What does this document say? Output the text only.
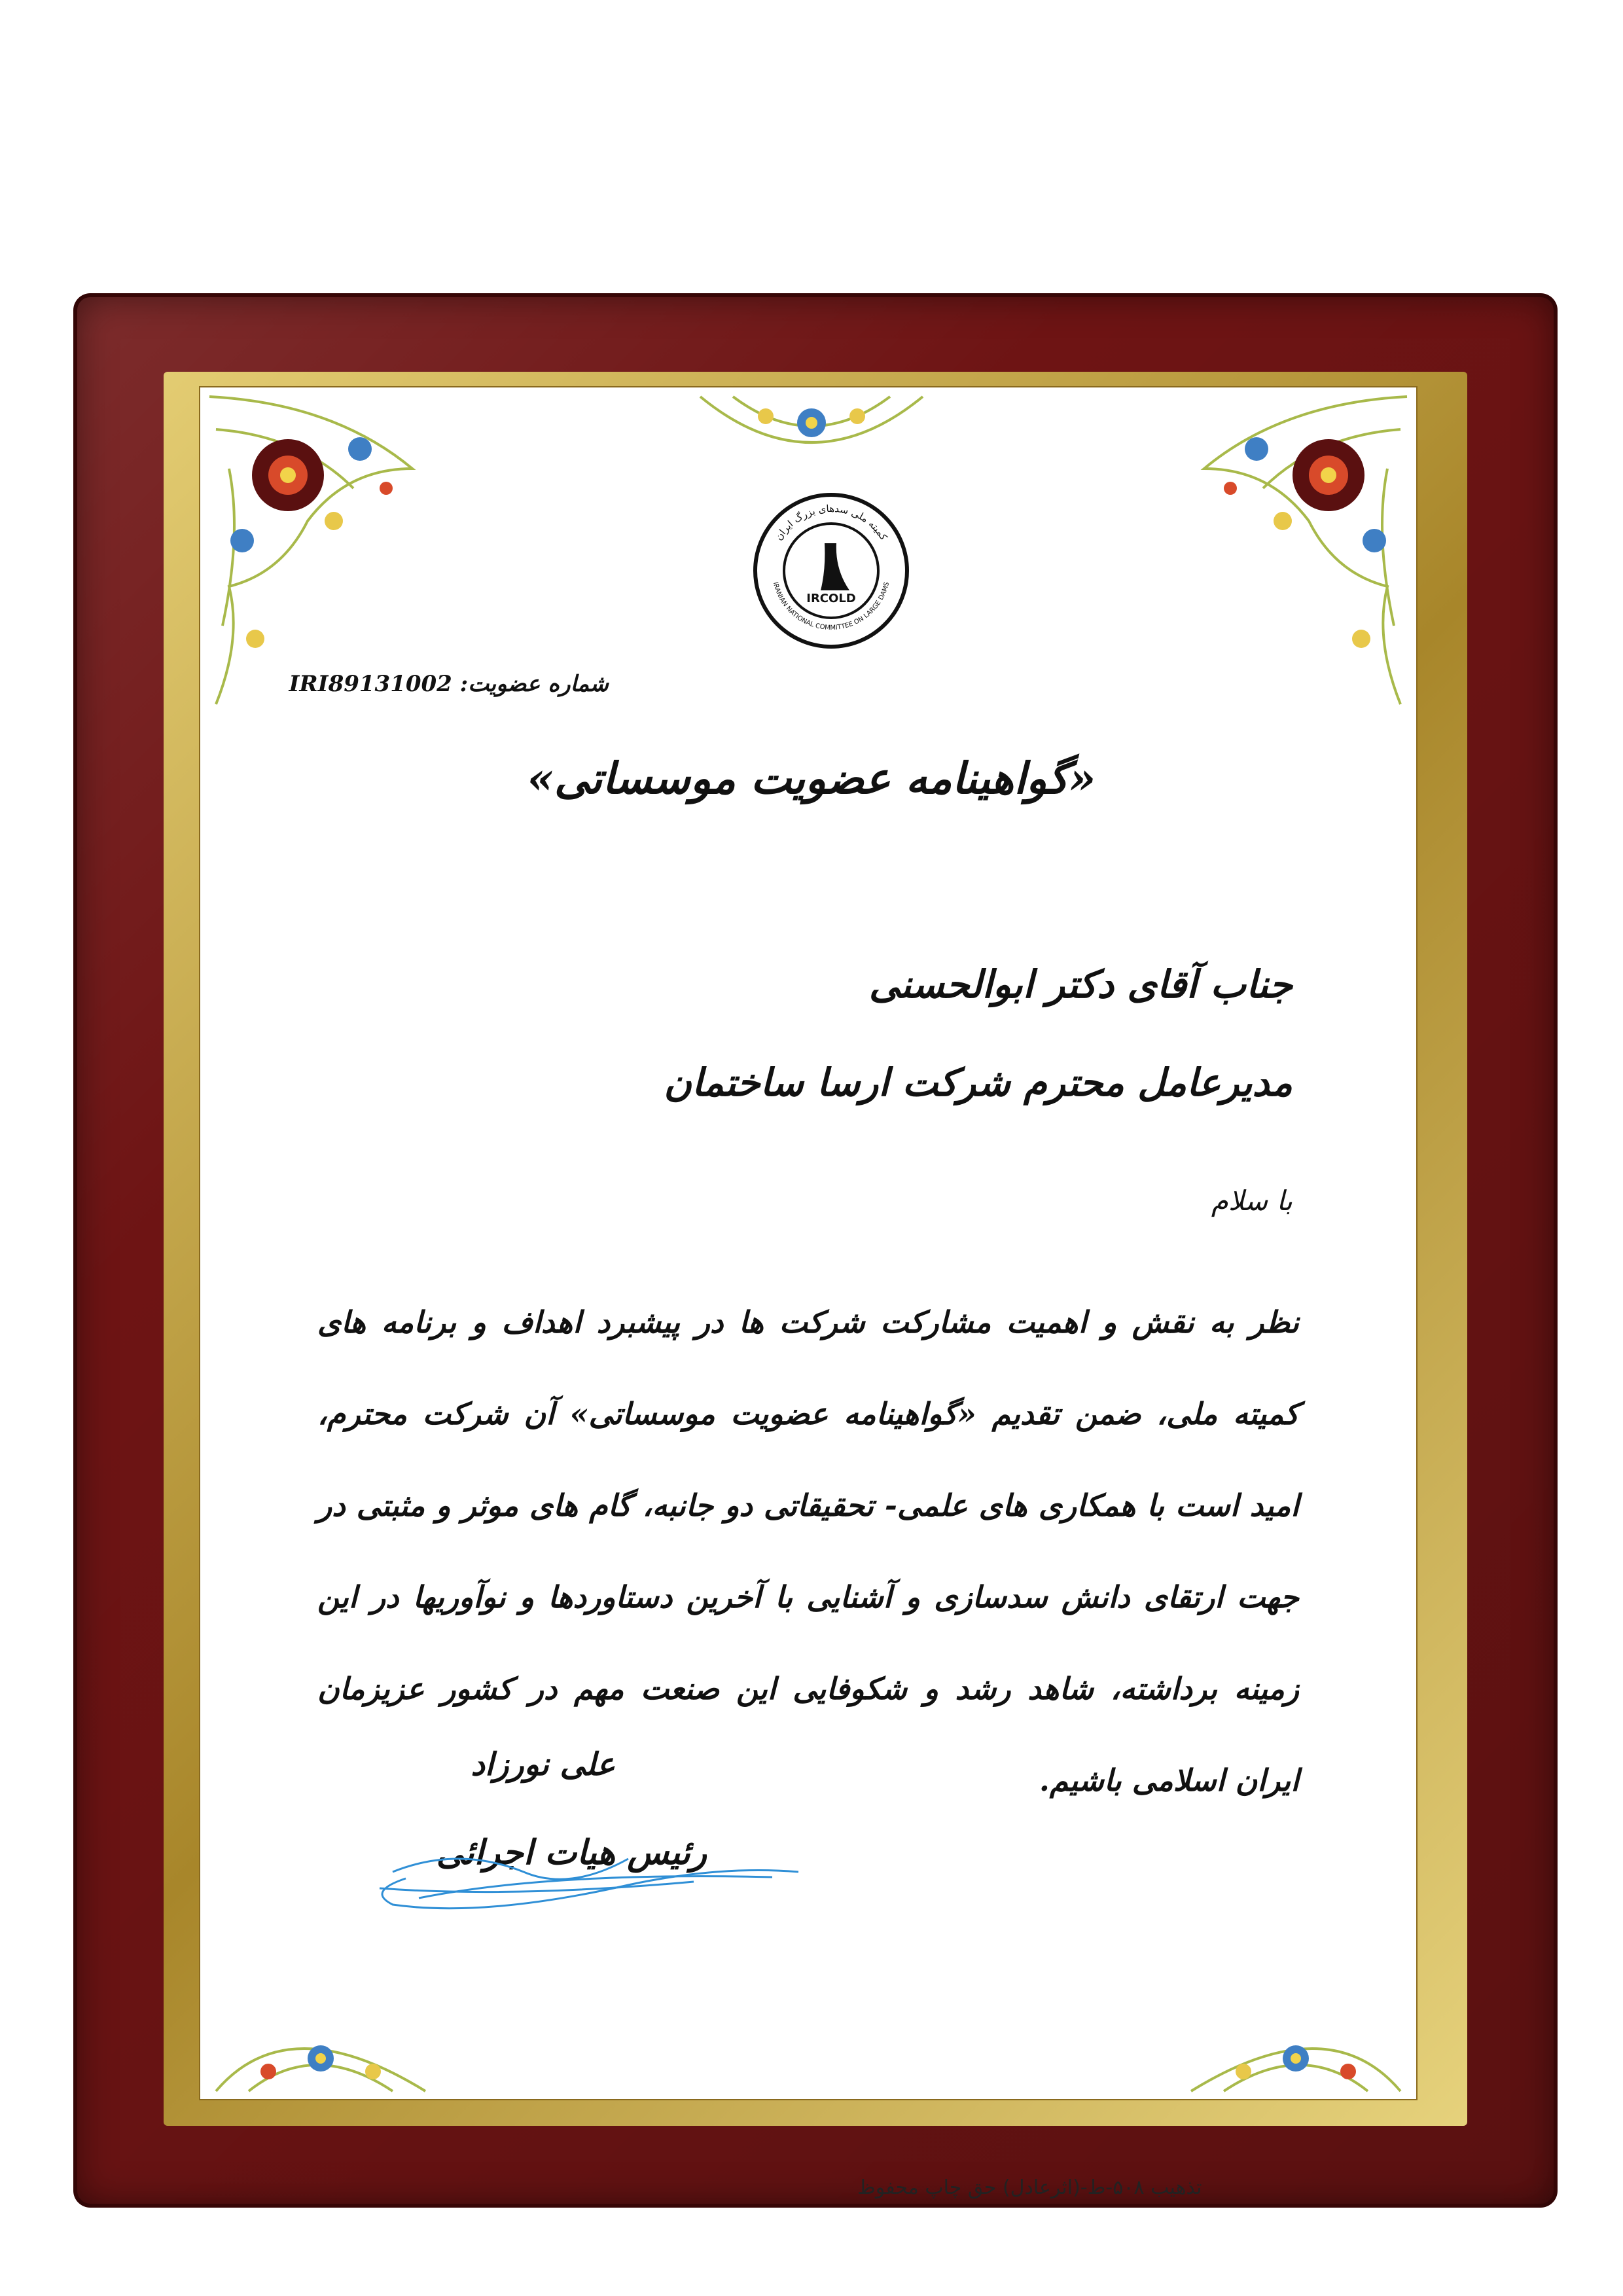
کمیته ملی سدهای بزرگ ایران
IRANIAN NATIONAL COMMITTEE ON LARGE DAMS
IRCOLD
شماره عضویت: IRI89131002
«گواهینامه عضویت موسساتی»
جناب آقای دکتر ابوالحسنی
مدیرعامل محترم شرکت ارسا ساختمان
با سلام
نظر به نقش و اهمیت مشارکت شرکت ها در پیشبرد اهداف و برنامه های کمیته ملی، ضمن تقدیم «گواهینامه عضویت موسساتی» آن شرکت محترم، امید است با همکاری های علمی- تحقیقاتی دو جانبه، گام های موثر و مثبتی در جهت ارتقای دانش سدسازی و آشنایی با آخرین دستاوردها و نوآوریها در این زمینه برداشته، شاهد رشد و شکوفایی این صنعت مهم در کشور عزیزمان ایران اسلامی باشیم.
علی نورزاد
رئیس هیات اجرائی
تذهیب ۵۰۸-ط-(اثرعادل) حق چاپ محفوظ
